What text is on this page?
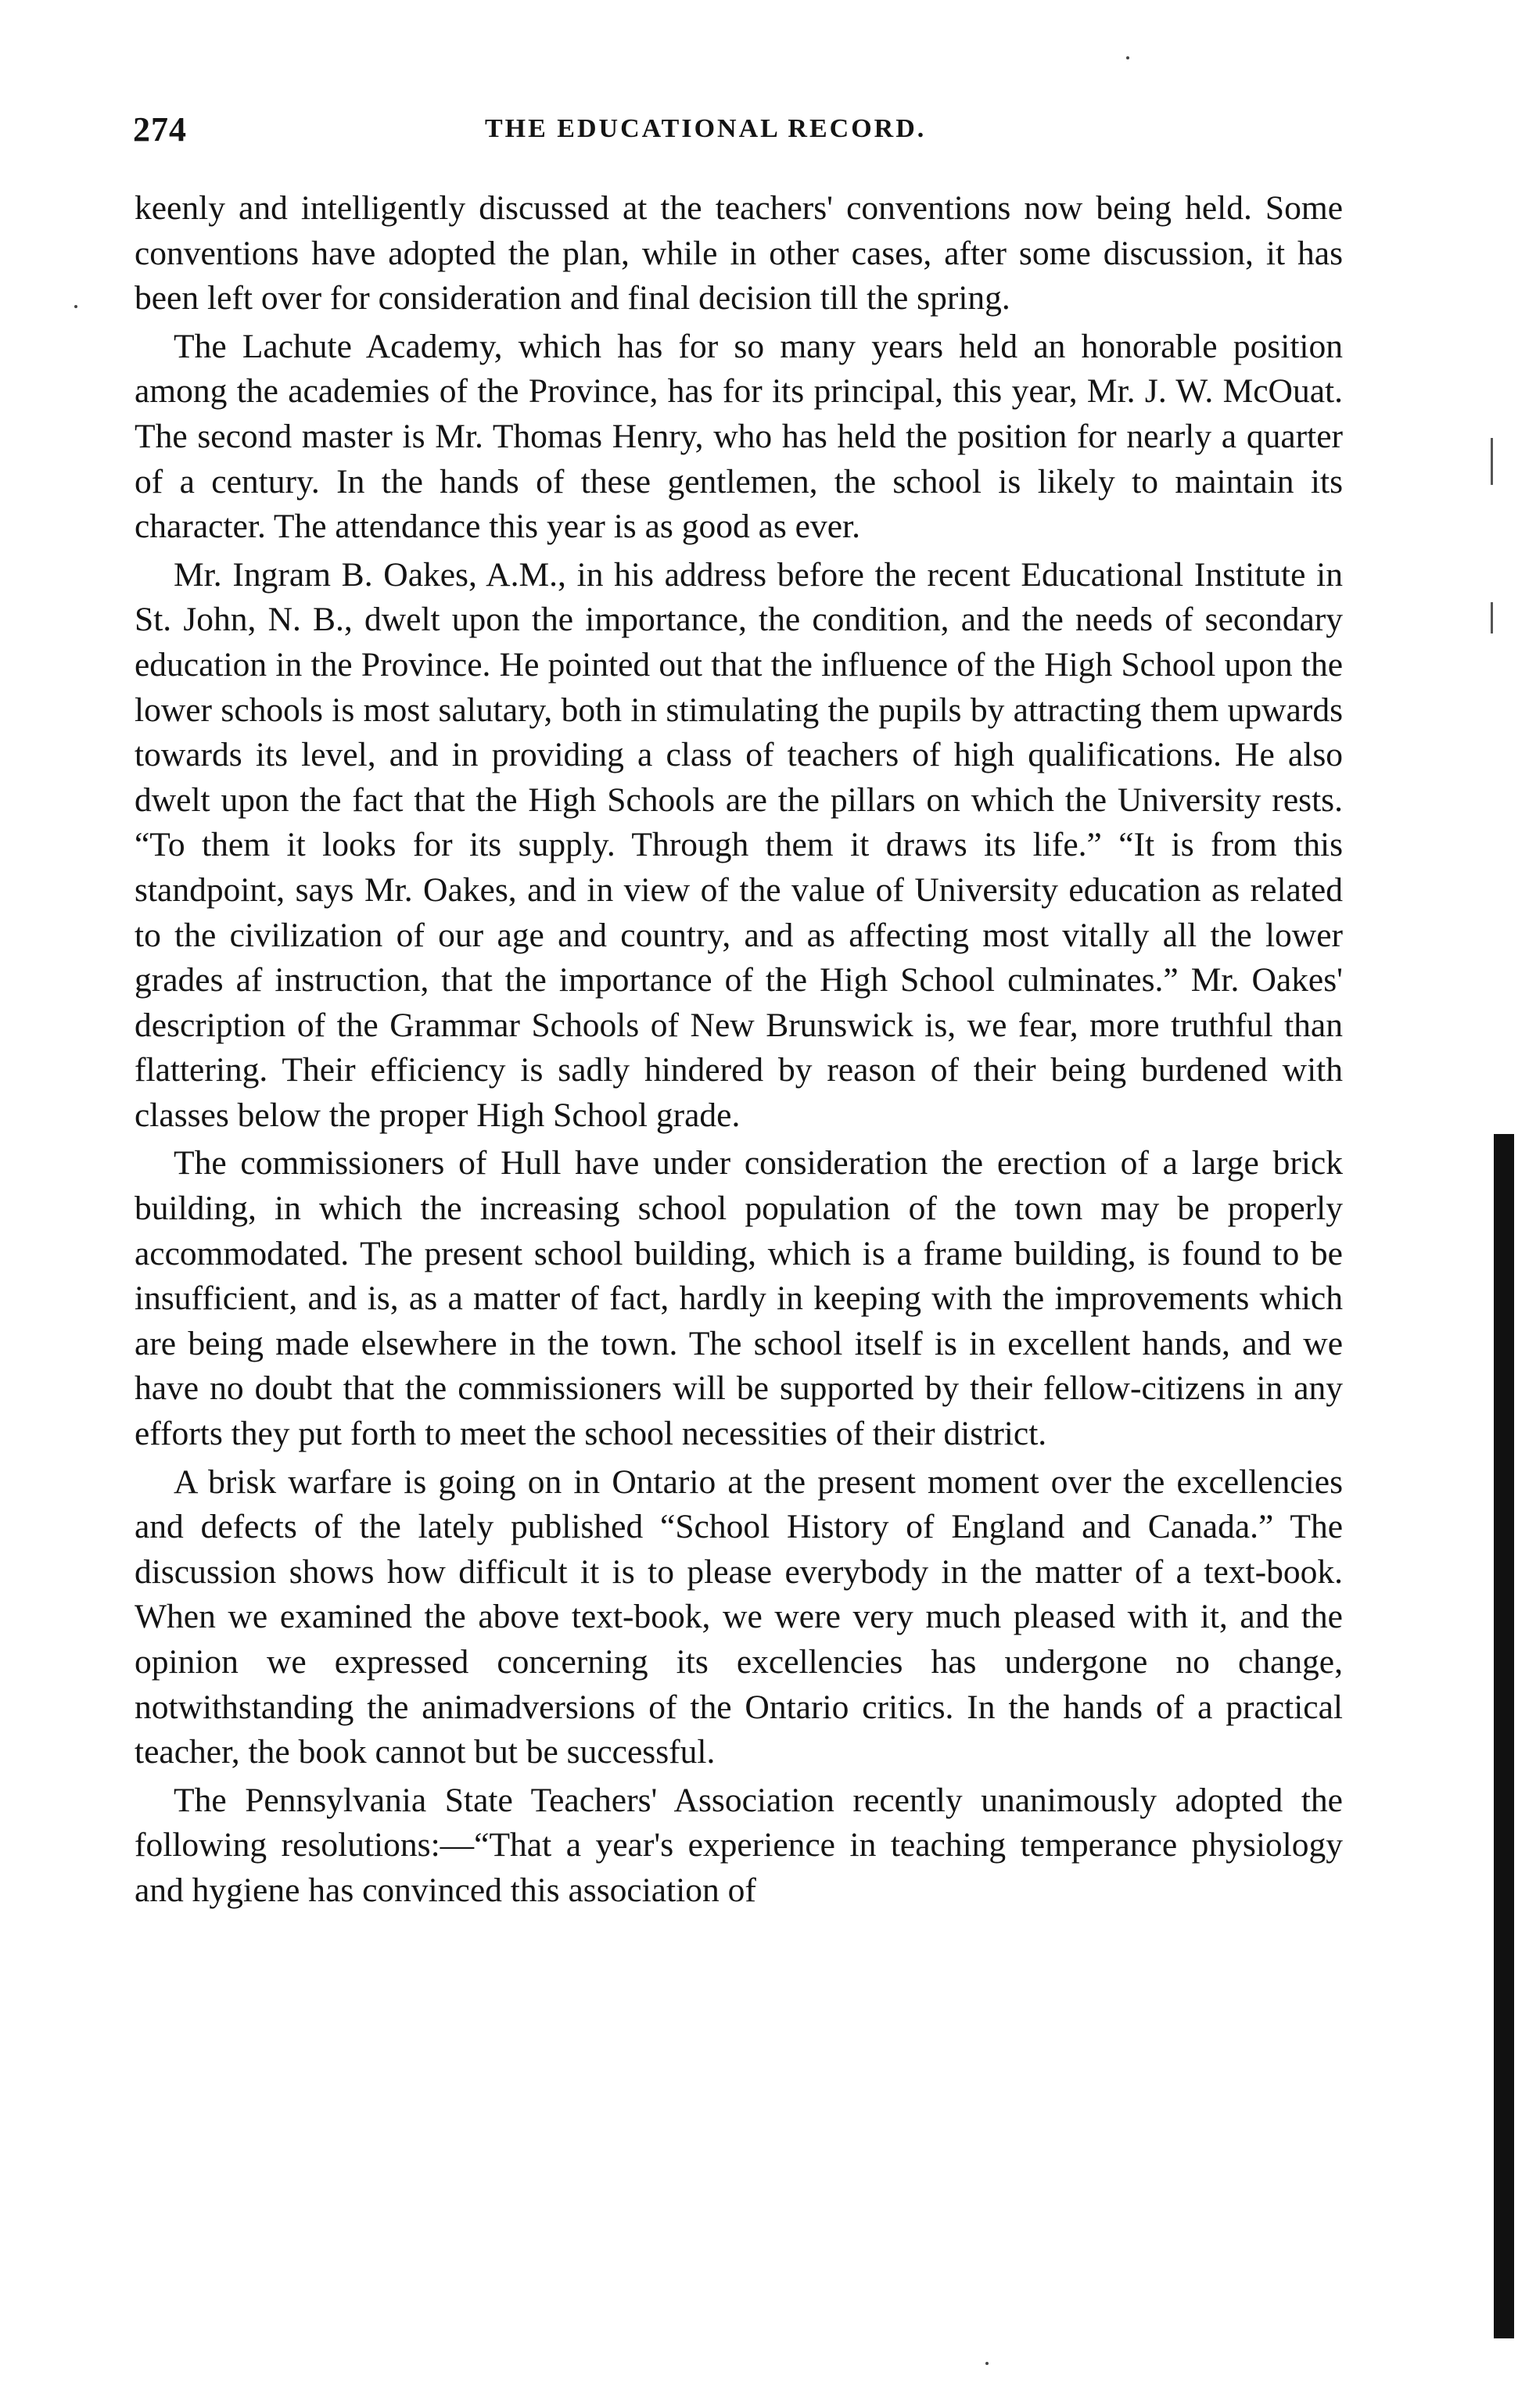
274	THE EDUCATIONAL RECORD.

keenly and intelligently discussed at the teachers' conventions now being held. Some conventions have adopted the plan, while in other cases, after some discussion, it has been left over for consideration and final decision till the spring.

The Lachute Academy, which has for so many years held an honorable position among the academies of the Province, has for its principal, this year, Mr. J. W. McOuat. The second master is Mr. Thomas Henry, who has held the position for nearly a quarter of a century. In the hands of these gentlemen, the school is likely to maintain its character. The attendance this year is as good as ever.

Mr. Ingram B. Oakes, A.M., in his address before the recent Educational Institute in St. John, N. B., dwelt upon the importance, the condition, and the needs of secondary education in the Province. He pointed out that the influence of the High School upon the lower schools is most salutary, both in stimulating the pupils by attracting them upwards towards its level, and in providing a class of teachers of high qualifications. He also dwelt upon the fact that the High Schools are the pillars on which the University rests. “To them it looks for its supply. Through them it draws its life.” “It is from this standpoint, says Mr. Oakes, and in view of the value of University education as related to the civilization of our age and country, and as affecting most vitally all the lower grades af instruction, that the importance of the High School culminates.” Mr. Oakes' description of the Grammar Schools of New Brunswick is, we fear, more truthful than flattering. Their efficiency is sadly hindered by reason of their being burdened with classes below the proper High School grade.

The commissioners of Hull have under consideration the erection of a large brick building, in which the increasing school population of the town may be properly accommodated. The present school building, which is a frame building, is found to be insufficient, and is, as a matter of fact, hardly in keeping with the improvements which are being made elsewhere in the town. The school itself is in excellent hands, and we have no doubt that the commissioners will be supported by their fellow-citizens in any efforts they put forth to meet the school necessities of their district.

A brisk warfare is going on in Ontario at the present moment over the excellencies and defects of the lately published “School History of England and Canada.” The discussion shows how difficult it is to please everybody in the matter of a text-book. When we examined the above text-book, we were very much pleased with it, and the opinion we expressed concerning its excellencies has undergone no change, notwithstanding the animadversions of the Ontario critics. In the hands of a practical teacher, the book cannot but be successful.

The Pennsylvania State Teachers' Association recently unanimously adopted the following resolutions:—“That a year's experience in teaching temperance physiology and hygiene has convinced this association of
